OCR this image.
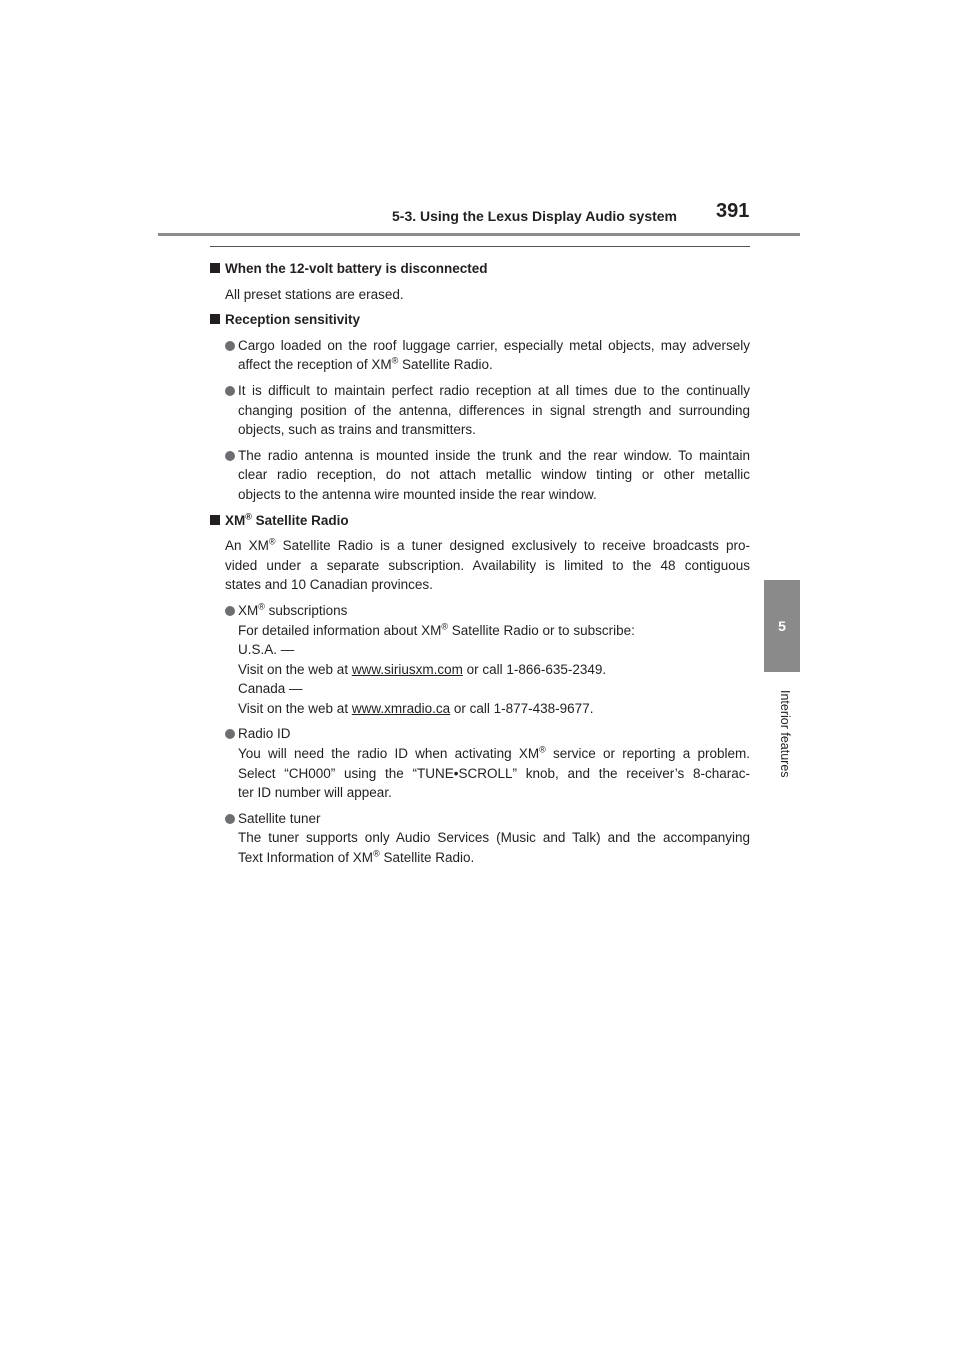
5-3. Using the Lexus Display Audio system 391
5
Interior features
When the 12-volt battery is disconnected
All preset stations are erased.
Reception sensitivity
Cargo loaded on the roof luggage carrier, especially metal objects, may adversely
affect the reception of XM® Satellite Radio.
It is difficult to maintain perfect radio reception at all times due to the continually
changing position of the antenna, differences in signal strength and surrounding
objects, such as trains and transmitters.
The radio antenna is mounted inside the trunk and the rear window. To maintain
clear radio reception, do not attach metallic window tinting or other metallic
objects to the antenna wire mounted inside the rear window.
XM® Satellite Radio
An XM® Satellite Radio is a tuner designed exclusively to receive broadcasts pro-
vided under a separate subscription. Availability is limited to the 48 contiguous
states and 10 Canadian provinces.
XM® subscriptions
For detailed information about XM® Satellite Radio or to subscribe:
U.S.A. —
Visit on the web at www.siriusxm.com or call 1-866-635-2349.
Canada —
Visit on the web at www.xmradio.ca or call 1-877-438-9677.
Radio ID
You will need the radio ID when activating XM® service or reporting a problem.
Select “CH000” using the “TUNE•SCROLL” knob, and the receiver’s 8-charac-
ter ID number will appear.
Satellite tuner
The tuner supports only Audio Services (Music and Talk) and the accompanying
Text Information of XM® Satellite Radio.
